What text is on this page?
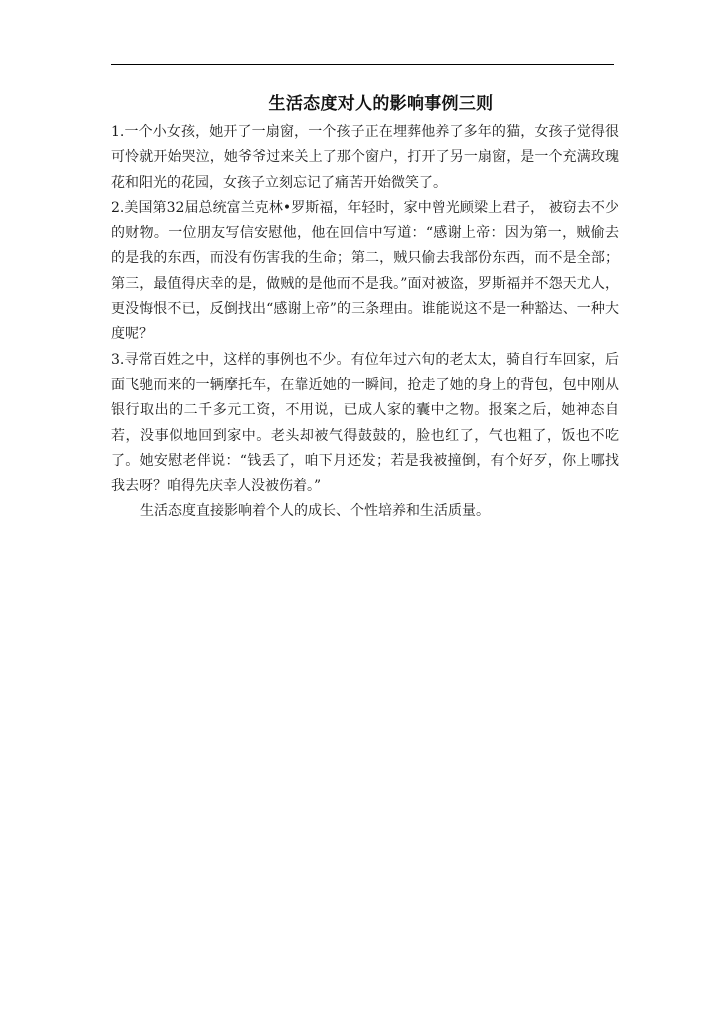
生活态度对人的影响事例三则

1.一个小女孩，她开了一扇窗，一个孩子正在埋葬他养了多年的猫，女孩子觉得很可怜就开始哭泣，她爷爷过来关上了那个窗户，打开了另一扇窗，是一个充满玫瑰花和阳光的花园，女孩子立刻忘记了痛苦开始微笑了。

2.美国第32届总统富兰克林•罗斯福，年轻时，家中曾光顾梁上君子， 被窃去不少的财物。一位朋友写信安慰他，他在回信中写道：“感谢上帝：因为第一，贼偷去的是我的东西，而没有伤害我的生命；第二，贼只偷去我部份东西，而不是全部；第三，最值得庆幸的是，做贼的是他而不是我。”面对被盗，罗斯福并不怨天尤人，更没悔恨不已，反倒找出“感谢上帝”的三条理由。谁能说这不是一种豁达、一种大度呢？

3.寻常百姓之中，这样的事例也不少。有位年过六旬的老太太，骑自行车回家，后面飞驰而来的一辆摩托车，在靠近她的一瞬间，抢走了她的身上的背包，包中刚从银行取出的二千多元工资，不用说，已成人家的囊中之物。报案之后，她神态自若，没事似地回到家中。老头却被气得鼓鼓的，脸也红了，气也粗了，饭也不吃了。她安慰老伴说：“钱丢了，咱下月还发；若是我被撞倒，有个好歹，你上哪找我去呀？咱得先庆幸人没被伤着。”

生活态度直接影响着个人的成长、个性培养和生活质量。
